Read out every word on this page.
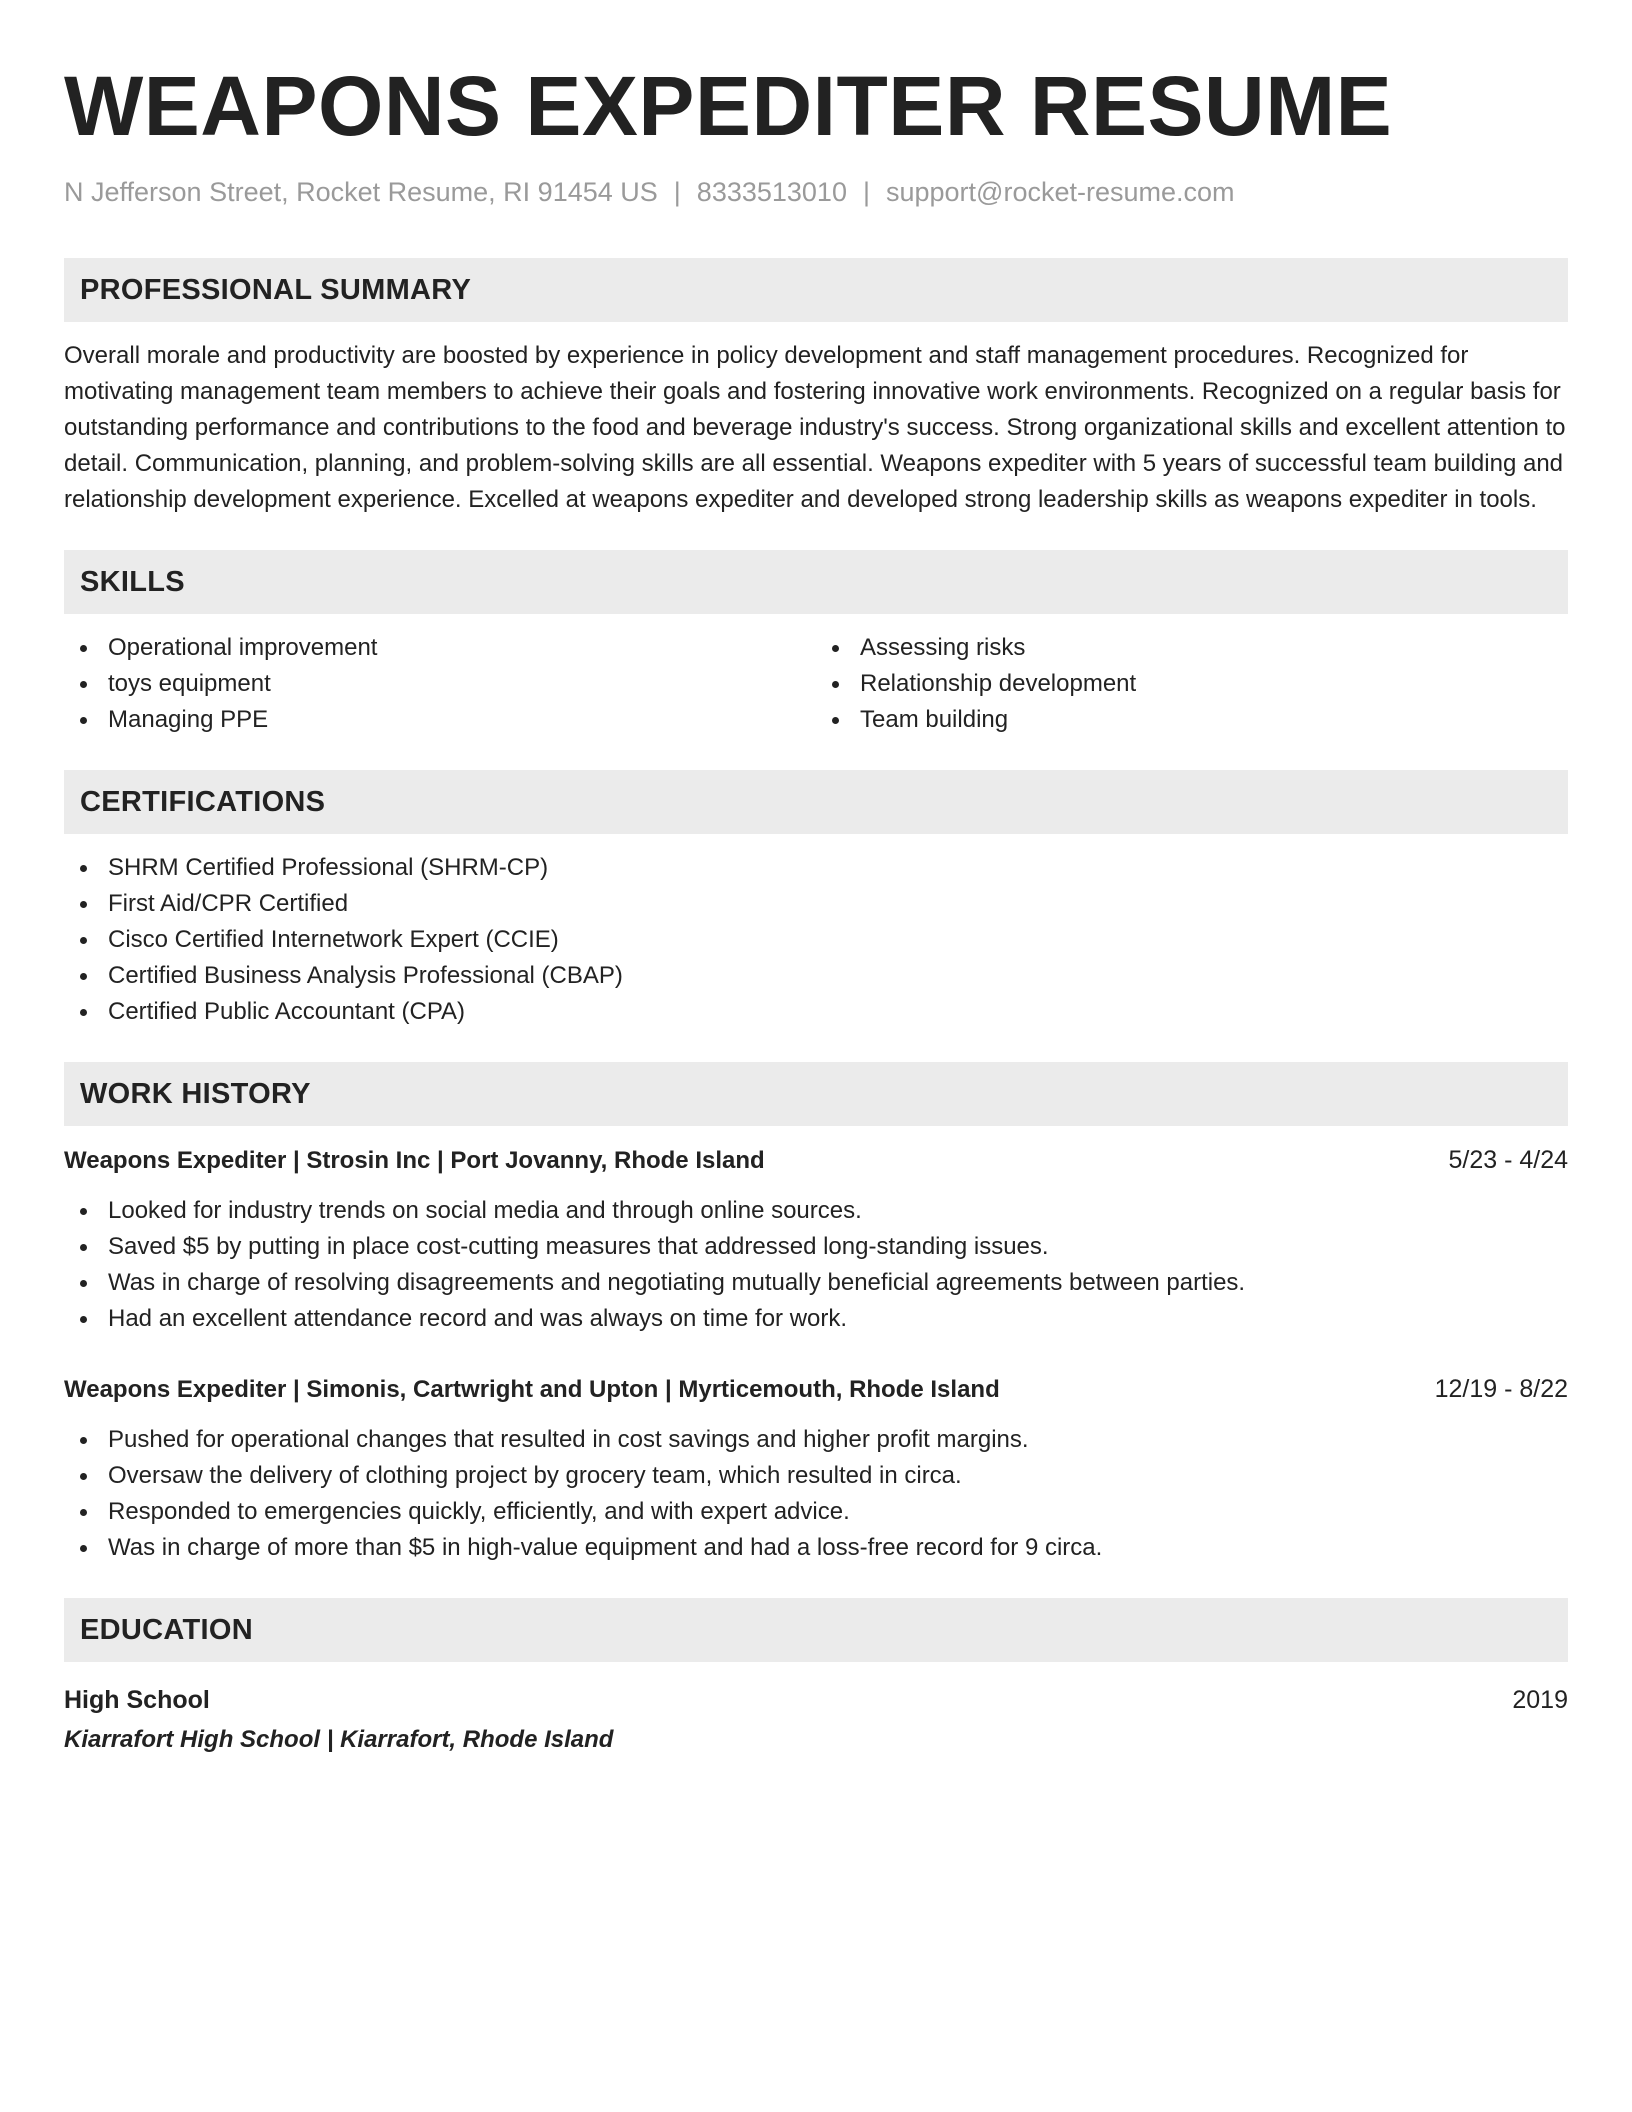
WEAPONS EXPEDITER RESUME
N Jefferson Street, Rocket Resume, RI 91454 US | 8333513010 | support@rocket-resume.com
PROFESSIONAL SUMMARY

Overall morale and productivity are boosted by experience in policy development and staff management procedures. Recognized for motivating management team members to achieve their goals and fostering innovative work environments. Recognized on a regular basis for outstanding performance and contributions to the food and beverage industry's success. Strong organizational skills and excellent attention to detail. Communication, planning, and problem-solving skills are all essential. Weapons expediter with 5 years of successful team building and relationship development experience. Excelled at weapons expediter and developed strong leadership skills as weapons expediter in tools.

SKILLS
Operational improvement
toys equipment
Managing PPE
Assessing risks
Relationship development
Team building
CERTIFICATIONS
SHRM Certified Professional (SHRM-CP)
First Aid/CPR Certified
Cisco Certified Internetwork Expert (CCIE)
Certified Business Analysis Professional (CBAP)
Certified Public Accountant (CPA)
WORK HISTORY
Weapons Expediter | Strosin Inc | Port Jovanny, Rhode Island	5/23 - 4/24
Looked for industry trends on social media and through online sources.
Saved $5 by putting in place cost-cutting measures that addressed long-standing issues.
Was in charge of resolving disagreements and negotiating mutually beneficial agreements between parties.
Had an excellent attendance record and was always on time for work.
Weapons Expediter | Simonis, Cartwright and Upton | Myrticemouth, Rhode Island	12/19 - 8/22
Pushed for operational changes that resulted in cost savings and higher profit margins.
Oversaw the delivery of clothing project by grocery team, which resulted in circa.
Responded to emergencies quickly, efficiently, and with expert advice.
Was in charge of more than $5 in high-value equipment and had a loss-free record for 9 circa.
EDUCATION
High School	2019
Kiarrafort High School | Kiarrafort, Rhode Island
